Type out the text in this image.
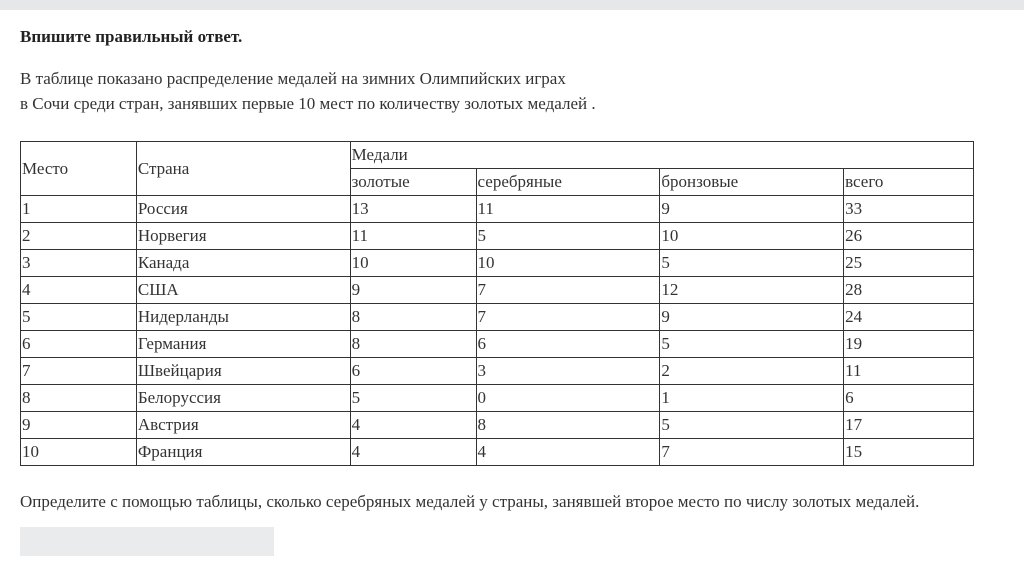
Впишите правильный ответ.
В таблице показано распределение медалей на зимних Олимпийских играх
в Сочи среди стран, занявших первые 10 мест по количеству золотых медалей .
Место	Страна	Медали			
		золотые	серебряные	бронзовые	всего
1	Россия	13	11	9	33
2	Норвегия	11	5	10	26
3	Канада	10	10	5	25
4	США	9	7	12	28
5	Нидерланды	8	7	9	24
6	Германия	8	6	5	19
7	Швейцария	6	3	2	11
8	Белоруссия	5	0	1	6
9	Австрия	4	8	5	17
10	Франция	4	4	7	15
Определите с помощью таблицы, сколько серебряных медалей у страны, занявшей второе место по числу золотых медалей.
